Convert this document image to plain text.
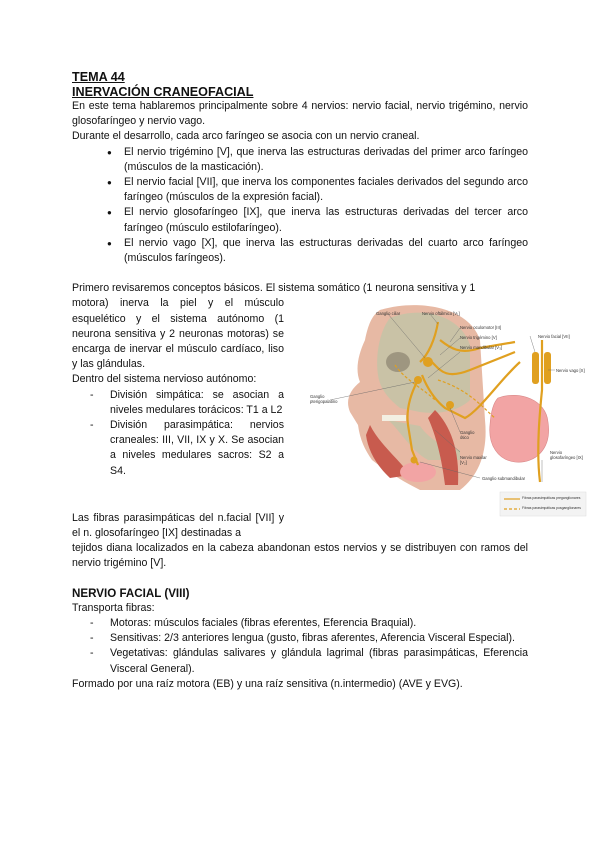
TEMA 44
INERVACIÓN CRANEOFACIAL

En este tema hablaremos principalmente sobre 4 nervios: nervio facial, nervio trigémino, nervio glosofaríngeo y nervio vago.

Durante el desarrollo, cada arco faríngeo se asocia con un nervio craneal.

● El nervio trigémino [V], que inerva las estructuras derivadas del primer arco faríngeo (músculos de la masticación).
● El nervio facial [VII], que inerva los componentes faciales derivados del segundo arco faríngeo (músculos de la expresión facial).
● El nervio glosofaríngeo [IX], que inerva las estructuras derivadas del tercer arco faríngeo (músculo estilofaríngeo).
● El nervio vago [X], que inerva las estructuras derivadas del cuarto arco faríngeo (músculos faríngeos).

Primero revisaremos conceptos básicos. El sistema somático (1 neurona sensitiva y 1

motora) inerva la piel y el músculo esquelético y el sistema autónomo (1 neurona sensitiva y 2 neuronas motoras) se encarga de inervar el músculo cardíaco, liso y las glándulas.

Dentro del sistema nervioso autónomo:

- División simpática: se asocian a niveles medulares torácicos: T1 a L2
- División parasimpática: nervios craneales: III, VII, IX y X. Se asocian a niveles medulares sacros: S2 a S4.

Las fibras parasimpáticas del n.facial [VII] y el n. glosofaríngeo [IX] destinadas a

tejidos diana localizados en la cabeza abandonan estos nervios y se distribuyen con ramos del nervio trigémino [V].

NERVIO FACIAL (VIII)

Transporta fibras:

- Motoras: músculos faciales (fibras eferentes, Eferencia Braquial).
- Sensitivas: 2/3 anteriores lengua (gusto, fibras aferentes, Aferencia Visceral Especial).
- Vegetativas: glándulas salivares y glándula lagrimal (fibras parasimpáticas, Eferencia Visceral General).

Formado por una raíz motora (EB) y una raíz sensitiva (n.intermedio) (AVE y EVG).

Ganglio ciliar	Nervio oftálmico [V₁]
Nervio oculomotor [III]
Nervio trigémino [V]	Nervio facial [VII]
Nervio mandibular [V₃]
Nervio vago [X]
Ganglio pterigopalatino
Ganglio ótico
Nervio maxilar [V₂]
Nervio glosofaríngeo [IX]
Ganglio submandibular
Fibras parasimpáticas preganglionares
Fibras parasimpáticas posganglionares
